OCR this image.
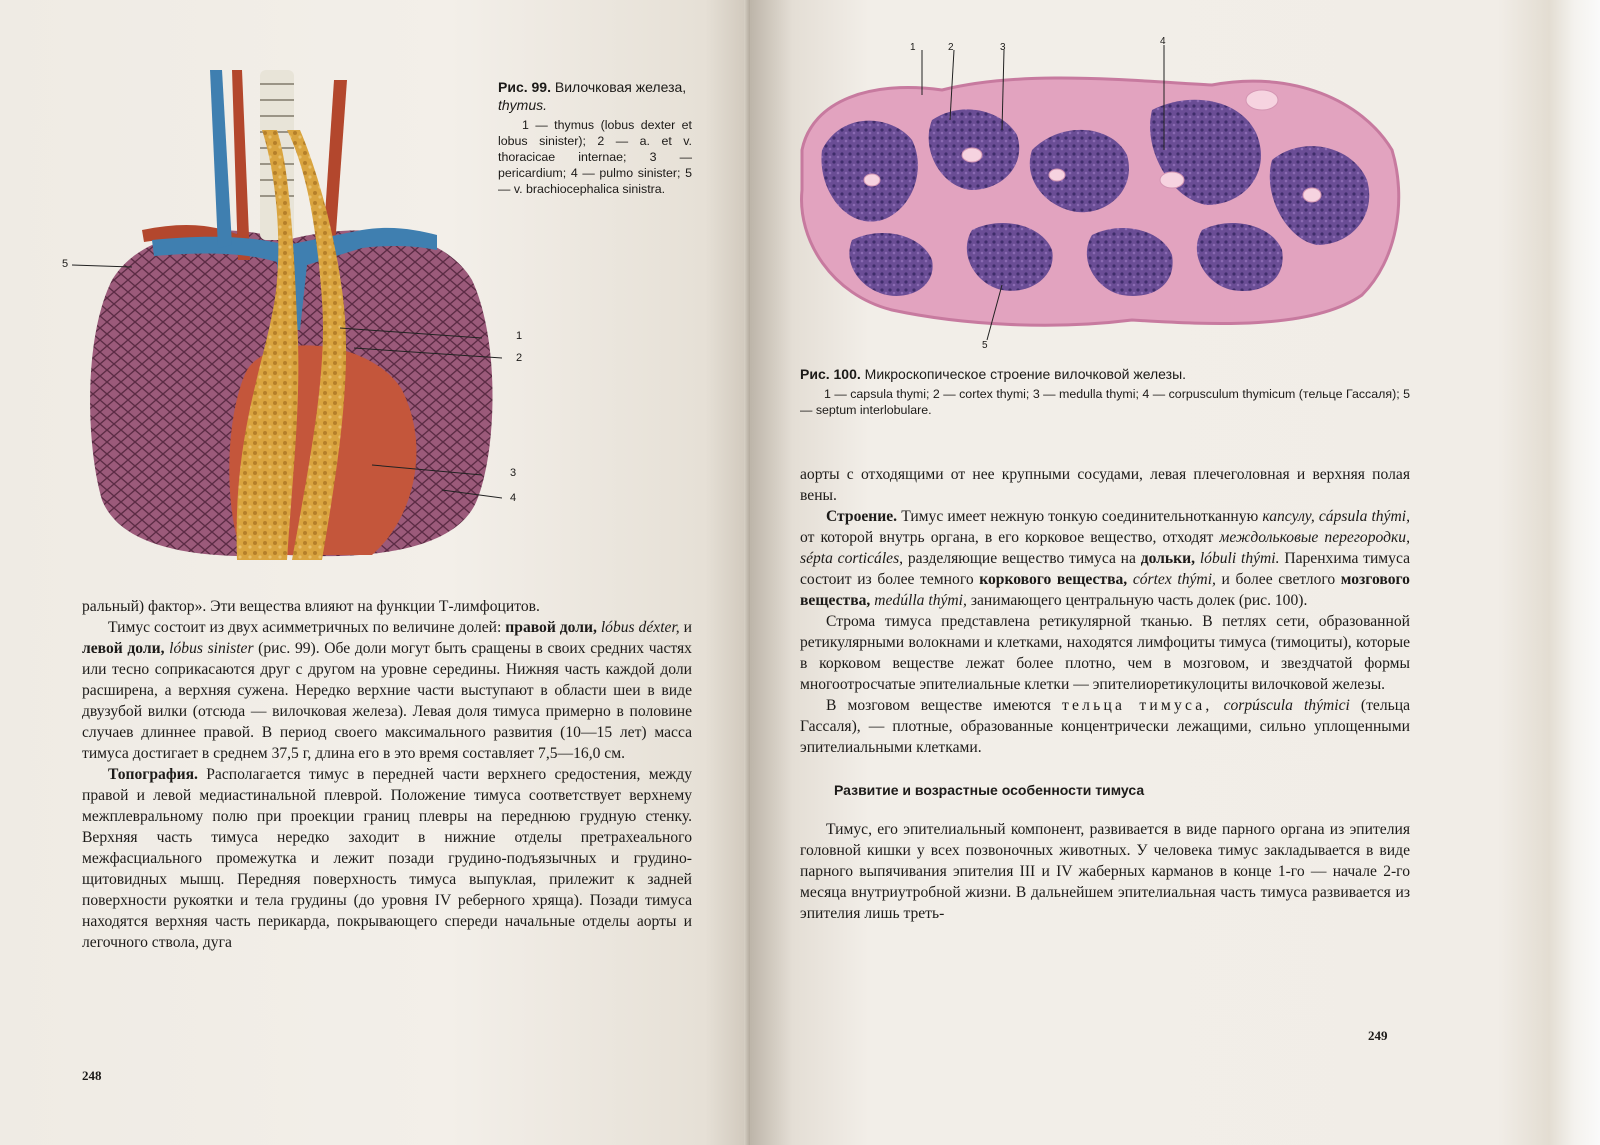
1
2
3
4
5
Рис. 99. Вилочковая железа, thymus.

1 — thymus (lobus dexter et lobus sinister); 2 — a. et v. thoracicae internae; 3 — pericardium; 4 — pulmo sinister; 5 — v. brachiocephalica sinistra.

ральный) фактор». Эти вещества влияют на функции Т-лимфоцитов.

Тимус состоит из двух асимметричных по величине долей: правой доли, lóbus déxter, и левой доли, lóbus sinister (рис. 99). Обе доли могут быть сращены в своих средних частях или тесно соприкасаются друг с другом на уровне середины. Нижняя часть каждой доли расширена, а верхняя сужена. Нередко верхние части выступают в области шеи в виде двузубой вилки (отсюда — вилочковая железа). Левая доля тимуса примерно в половине случаев длиннее правой. В период своего максимального развития (10—15 лет) масса тимуса достигает в среднем 37,5 г, длина его в это время составляет 7,5—16,0 см.

Топография. Располагается тимус в передней части верхнего средостения, между правой и левой медиастинальной плеврой. Положение тимуса соответствует верхнему межплевральному полю при проекции границ плевры на переднюю грудную стенку. Верхняя часть тимуса нередко заходит в нижние отделы претрахеального межфасциального промежутка и лежит позади грудино-подъязычных и грудино-щитовидных мышц. Передняя поверхность тимуса выпуклая, прилежит к задней поверхности рукоятки и тела грудины (до уровня IV реберного хряща). Позади тимуса находятся верхняя часть перикарда, покрывающего спереди начальные отделы аорты и легочного ствола, дуга

248
1	2	3
4
5
Рис. 100. Микроскопическое строение вилочковой железы.

1 — capsula thymi; 2 — cortex thymi; 3 — medulla thymi; 4 — corpusculum thymicum (тельце Гассаля); 5 — septum interlobulare.

аорты с отходящими от нее крупными сосудами, левая плечеголовная и верхняя полая вены.

Строение. Тимус имеет нежную тонкую соединительнотканную капсулу, cápsula thými, от которой внутрь органа, в его корковое вещество, отходят междольковые перегородки, sépta corticáles, разделяющие вещество тимуса на дольки, lóbuli thými. Паренхима тимуса состоит из более темного коркового вещества, córtex thými, и более светлого мозгового вещества, medúlla thými, занимающего центральную часть долек (рис. 100).

Строма тимуса представлена ретикулярной тканью. В петлях сети, образованной ретикулярными волокнами и клетками, находятся лимфоциты тимуса (тимоциты), которые в корковом веществе лежат более плотно, чем в мозговом, и звездчатой формы многоотросчатые эпителиальные клетки — эпителиоретикулоциты вилочковой железы.

В мозговом веществе имеются тельца тимуса, corpúscula thýmici (тельца Гассаля), — плотные, образованные концентрически лежащими, сильно уплощенными эпителиальными клетками.

Развитие и возрастные особенности тимуса

Тимус, его эпителиальный компонент, развивается в виде парного органа из эпителия головной кишки у всех позвоночных животных. У человека тимус закладывается в виде парного выпячивания эпителия III и IV жаберных карманов в конце 1-го — начале 2-го месяца внутриутробной жизни. В дальнейшем эпителиальная часть тимуса развивается из эпителия лишь треть-

249
